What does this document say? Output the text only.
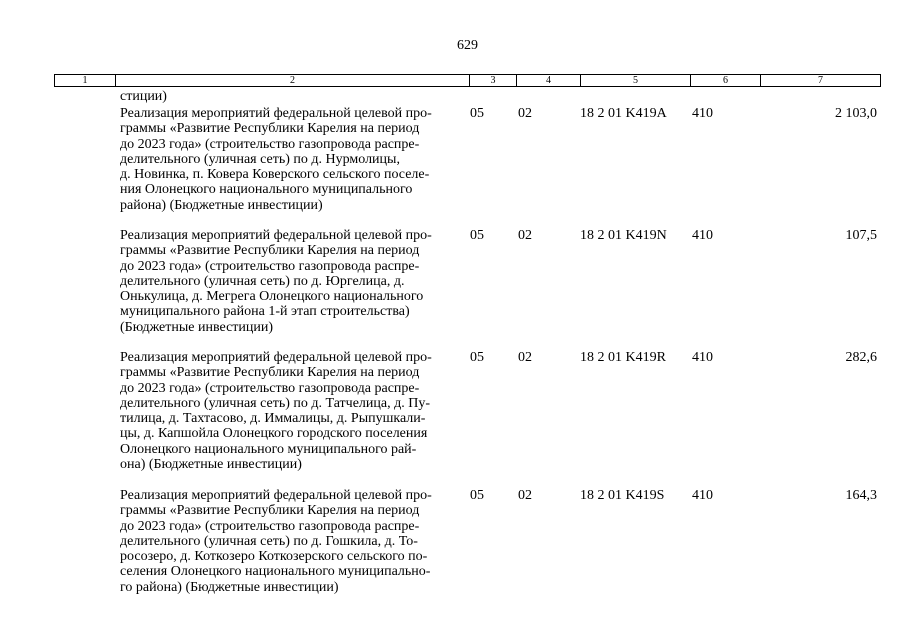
629
1	2	3	4	5	6	7
стиции)
Реализация мероприятий федеральной целевой про-
граммы «Развитие Республики Карелия на период
до 2023 года» (строительство газопровода распре-
делительного (уличная сеть) по д. Нурмолицы,
д. Новинка, п. Ковера Коверского сельского поселе-
ния Олонецкого национального муниципального
района) (Бюджетные инвестиции)
05 02	18 2 01 K419A 410	2 103,0
Реализация мероприятий федеральной целевой про-
граммы «Развитие Республики Карелия на период
до 2023 года» (строительство газопровода распре-
делительного (уличная сеть) по д. Юргелица, д.
Онькулица, д. Мегрега Олонецкого национального
муниципального района 1-й этап строительства)
(Бюджетные инвестиции)
05 02	18 2 01 K419N 410	107,5
Реализация мероприятий федеральной целевой про-
граммы «Развитие Республики Карелия на период
до 2023 года» (строительство газопровода распре-
делительного (уличная сеть) по д. Татчелица, д. Пу-
тилица, д. Тахтасово, д. Иммалицы, д. Рыпушкали-
цы, д. Капшойла Олонецкого городского поселения
Олонецкого национального муниципального рай-
она) (Бюджетные инвестиции)
05 02	18 2 01 K419R 410	282,6
Реализация мероприятий федеральной целевой про-
граммы «Развитие Республики Карелия на период
до 2023 года» (строительство газопровода распре-
делительного (уличная сеть) по д. Гошкила, д. То-
росозеро, д. Коткозеро Коткозерского сельского по-
селения Олонецкого национального муниципально-
го района) (Бюджетные инвестиции)
05 02	18 2 01 K419S 410	164,3
